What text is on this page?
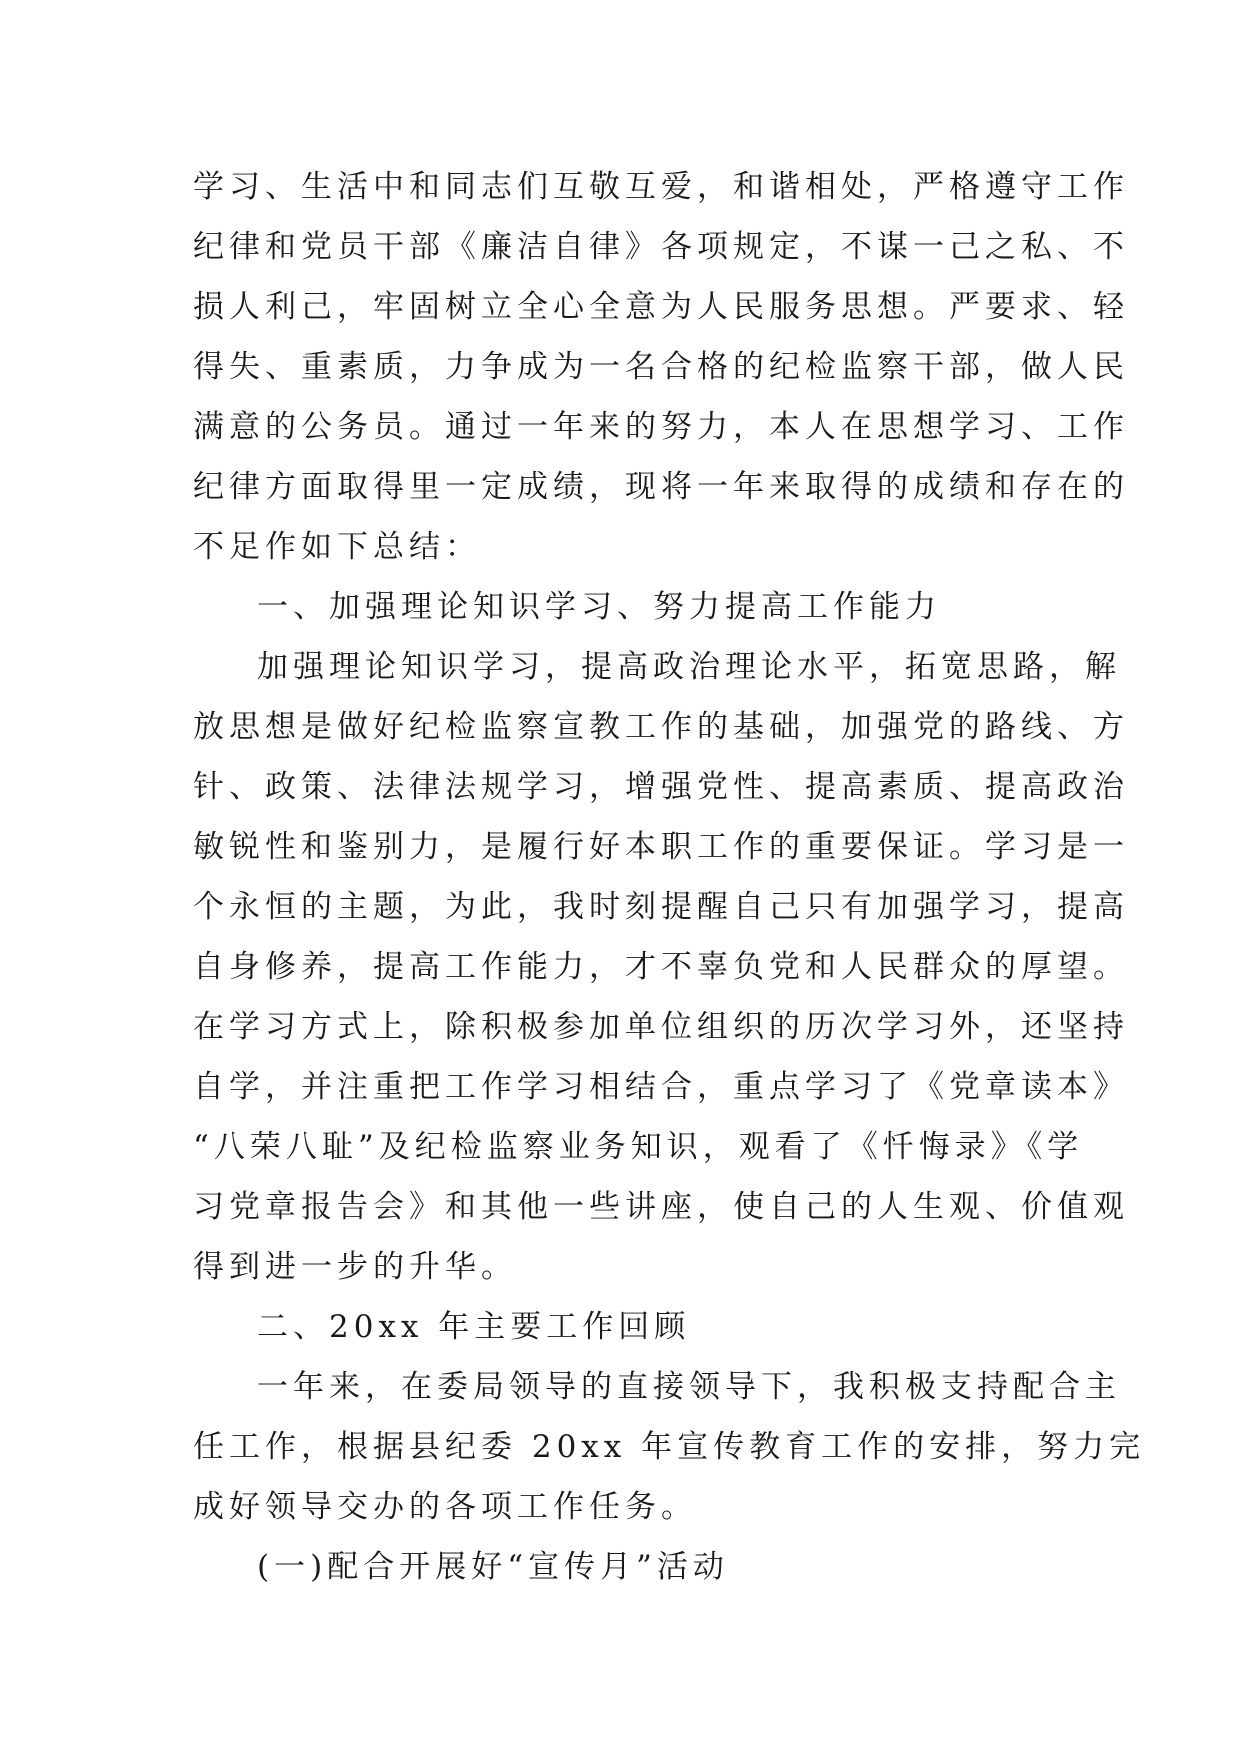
学习、生活中和同志们互敬互爱，和谐相处，严格遵守工作
纪律和党员干部《廉洁自律》各项规定，不谋一己之私、不
损人利己，牢固树立全心全意为人民服务思想。严要求、轻
得失、重素质，力争成为一名合格的纪检监察干部，做人民
满意的公务员。通过一年来的努力，本人在思想学习、工作
纪律方面取得里一定成绩，现将一年来取得的成绩和存在的
不足作如下总结：
一、加强理论知识学习、努力提高工作能力
加强理论知识学习，提高政治理论水平，拓宽思路，解
放思想是做好纪检监察宣教工作的基础，加强党的路线、方
针、政策、法律法规学习，增强党性、提高素质、提高政治
敏锐性和鉴别力，是履行好本职工作的重要保证。学习是一
个永恒的主题，为此，我时刻提醒自己只有加强学习，提高
自身修养，提高工作能力，才不辜负党和人民群众的厚望。
在学习方式上，除积极参加单位组织的历次学习外，还坚持
自学，并注重把工作学习相结合，重点学习了《党章读本》
“八荣八耻”及纪检监察业务知识，观看了《忏悔录》《学
习党章报告会》和其他一些讲座，使自己的人生观、价值观
得到进一步的升华。
二、20xx 年主要工作回顾
一年来，在委局领导的直接领导下，我积极支持配合主
任工作，根据县纪委 20xx 年宣传教育工作的安排，努力完
成好领导交办的各项工作任务。
(一)配合开展好“宣传月”活动
